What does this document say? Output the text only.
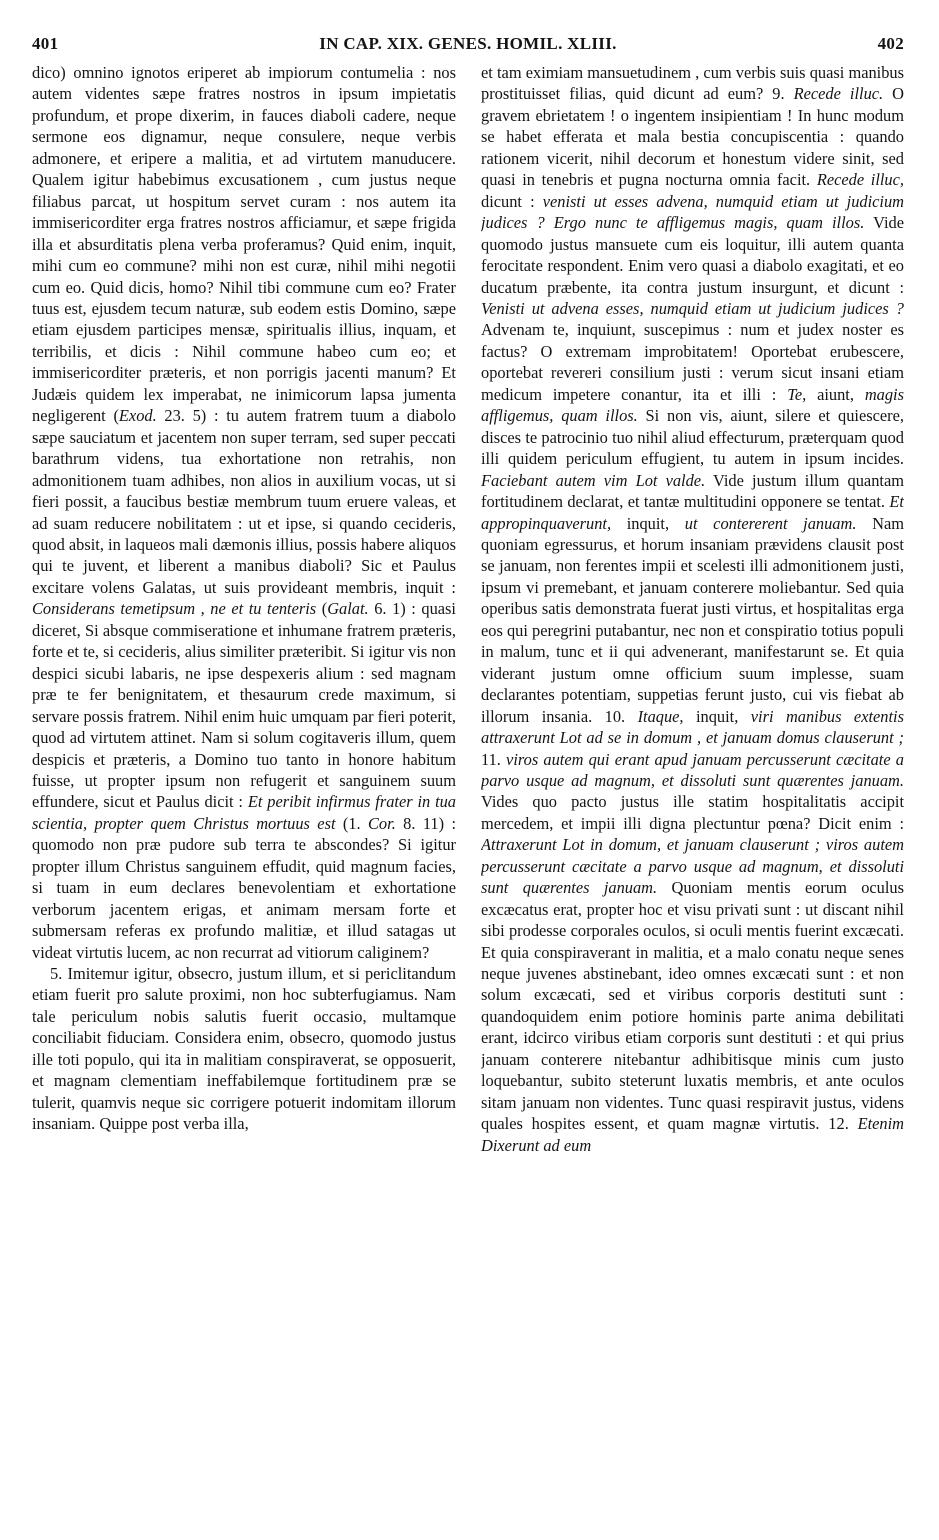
401	IN CAP. XIX. GENES. HOMIL. XLIII.	402

dico) omnino ignotos eriperet ab impiorum contumelia : nos autem videntes sæpe fratres nostros in ipsum impietatis profundum, et prope dixerim, in fauces diaboli cadere, neque sermone eos dignamur, neque consulere, neque verbis admonere, et eripere a malitia, et ad virtutem manuducere. Qualem igitur habebimus excusationem , cum justus neque filiabus parcat, ut hospitum servet curam : nos autem ita immisericorditer erga fratres nostros afficiamur, et sæpe frigida illa et absurditatis plena verba proferamus? Quid enim, inquit, mihi cum eo commune? mihi non est curæ, nihil mihi negotii cum eo. Quid dicis, homo? Nihil tibi commune cum eo? Frater tuus est, ejusdem tecum naturæ, sub eodem estis Domino, sæpe etiam ejusdem participes mensæ, spiritualis illius, inquam, et terribilis, et dicis : Nihil commune habeo cum eo; et immisericorditer præteris, et non porrigis jacenti manum? Et Judæis quidem lex imperabat, ne inimicorum lapsa jumenta negligerent (Exod. 23. 5) : tu autem fratrem tuum a diabolo sæpe sauciatum et jacentem non super terram, sed super peccati barathrum videns, tua exhortatione non retrahis, non admonitionem tuam adhibes, non alios in auxilium vocas, ut si fieri possit, a faucibus bestiæ membrum tuum eruere valeas, et ad suam reducere nobilitatem : ut et ipse, si quando cecideris, quod absit, in laqueos mali dæmonis illius, possis habere aliquos qui te juvent, et liberent a manibus diaboli? Sic et Paulus excitare volens Galatas, ut suis provideant membris, inquit : Considerans temetipsum , ne et tu tenteris (Galat. 6. 1) : quasi diceret, Si absque commiseratione et inhumane fratrem præteris, forte et te, si cecideris, alius similiter præteribit. Si igitur vis non despici sicubi labaris, ne ipse despexeris alium : sed magnam præ te fer benignitatem, et thesaurum crede maximum, si servare possis fratrem. Nihil enim huic umquam par fieri poterit, quod ad virtutem attinet. Nam si solum cogitaveris illum, quem despicis et præteris, a Domino tuo tanto in honore habitum fuisse, ut propter ipsum non refugerit et sanguinem suum effundere, sicut et Paulus dicit : Et peribit infirmus frater in tua scientia, propter quem Christus mortuus est (1. Cor. 8. 11) : quomodo non præ pudore sub terra te abscondes? Si igitur propter illum Christus sanguinem effudit, quid magnum facies, si tuam in eum declares benevolentiam et exhortatione verborum jacentem erigas, et animam mersam forte et submersam referas ex profundo malitiæ, et illud satagas ut videat virtutis lucem, ac non recurrat ad vitiorum caliginem?

5. Imitemur igitur, obsecro, justum illum, et si periclitandum etiam fuerit pro salute proximi, non hoc subterfugiamus. Nam tale periculum nobis salutis fuerit occasio, multamque conciliabit fiduciam. Considera enim, obsecro, quomodo justus ille toti populo, qui ita in malitiam conspiraverat, se opposuerit, et magnam clementiam ineffabilemque fortitudinem præ se tulerit, quamvis neque sic corrigere potuerit indomitam illorum insaniam. Quippe post verba illa,

et tam eximiam mansuetudinem , cum verbis suis quasi manibus prostituisset filias, quid dicunt ad eum? 9. Recede illuc. O gravem ebrietatem ! o ingentem insipientiam ! In hunc modum se habet efferata et mala bestia concupiscentia : quando rationem vicerit, nihil decorum et honestum videre sinit, sed quasi in tenebris et pugna nocturna omnia facit. Recede illuc, dicunt : venisti ut esses advena, numquid etiam ut judicium judices ? Ergo nunc te affligemus magis, quam illos. Vide quomodo justus mansuete cum eis loquitur, illi autem quanta ferocitate respondent. Enim vero quasi a diabolo exagitati, et eo ducatum præbente, ita contra justum insurgunt, et dicunt : Venisti ut advena esses, numquid etiam ut judicium judices ? Advenam te, inquiunt, suscepimus : num et judex noster es factus? O extremam improbitatem! Oportebat erubescere, oportebat revereri consilium justi : verum sicut insani etiam medicum impetere conantur, ita et illi : Te, aiunt, magis affligemus, quam illos. Si non vis, aiunt, silere et quiescere, disces te patrocinio tuo nihil aliud effecturum, præterquam quod illi quidem periculum effugient, tu autem in ipsum incides. Faciebant autem vim Lot valde. Vide justum illum quantam fortitudinem declarat, et tantæ multitudini opponere se tentat. Et appropinquaverunt, inquit, ut contererent januam. Nam quoniam egressurus, et horum insaniam prævidens clausit post se januam, non ferentes impii et scelesti illi admonitionem justi, ipsum vi premebant, et januam conterere moliebantur. Sed quia operibus satis demonstrata fuerat justi virtus, et hospitalitas erga eos qui peregrini putabantur, nec non et conspiratio totius populi in malum, tunc et ii qui advenerant, manifestarunt se. Et quia viderant justum omne officium suum implesse, suam declarantes potentiam, suppetias ferunt justo, cui vis fiebat ab illorum insania. 10. Itaque, inquit, viri manibus extentis attraxerunt Lot ad se in domum , et januam domus clauserunt ; 11. viros autem qui erant apud januam percusserunt cæcitate a parvo usque ad magnum, et dissoluti sunt quærentes januam. Vides quo pacto justus ille statim hospitalitatis accipit mercedem, et impii illi digna plectuntur pœna? Dicit enim : Attraxerunt Lot in domum, et januam clauserunt ; viros autem percusserunt cæcitate a parvo usque ad magnum, et dissoluti sunt quærentes januam. Quoniam mentis eorum oculus excæcatus erat, propter hoc et visu privati sunt : ut discant nihil sibi prodesse corporales oculos, si oculi mentis fuerint excæcati. Et quia conspiraverant in malitia, et a malo conatu neque senes neque juvenes abstinebant, ideo omnes excæcati sunt : et non solum excæcati, sed et viribus corporis destituti sunt : quandoquidem enim potiore hominis parte anima debilitati erant, idcirco viribus etiam corporis sunt destituti : et qui prius januam conterere nitebantur adhibitisque minis cum justo loquebantur, subito steterunt luxatis membris, et ante oculos sitam januam non videntes. Tunc quasi respiravit justus, videns quales hospites essent, et quam magnæ virtutis. 12. Etenim Dixerunt ad eum
